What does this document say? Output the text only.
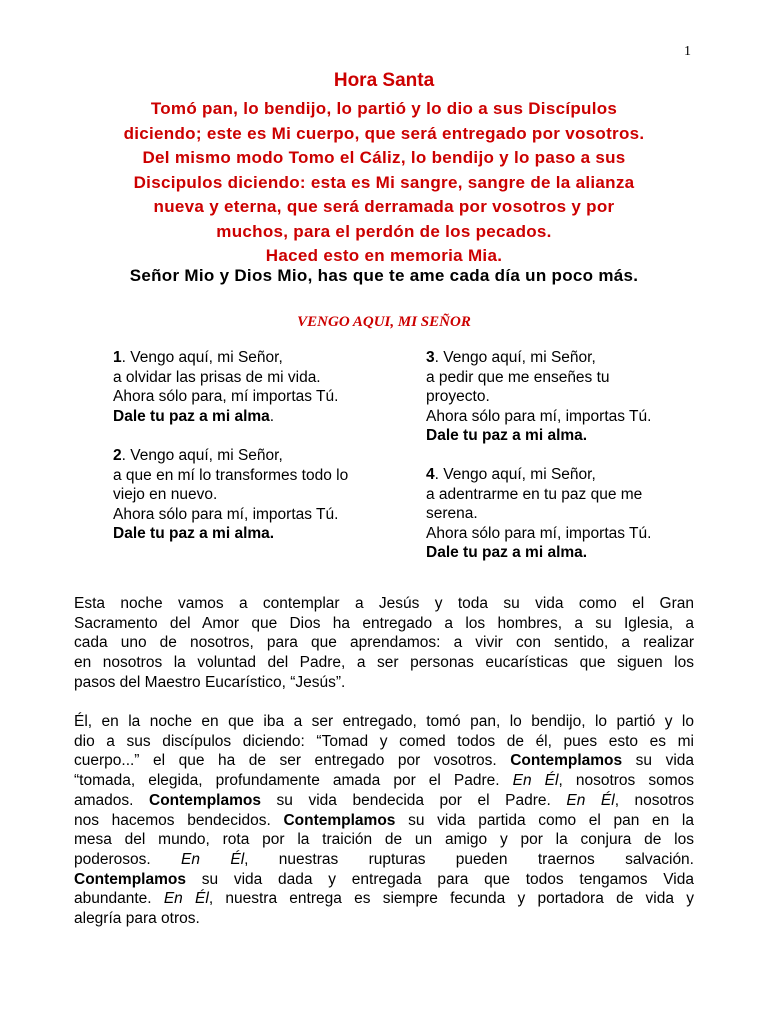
1
Hora Santa
Tomó pan, lo bendijo, lo partió y lo dio a sus Discípulos
diciendo; este es Mi cuerpo, que será entregado por vosotros.
Del mismo modo Tomo el Cáliz, lo bendijo y lo paso a sus
Discipulos diciendo: esta es Mi sangre, sangre de la alianza
nueva y eterna, que será derramada por vosotros y por
muchos, para el perdón de los pecados.
Haced esto en memoria Mia.
Señor Mio y Dios Mio, has que te ame cada día un poco más.
VENGO AQUI, MI SEÑOR
1. Vengo aquí, mi Señor,
a olvidar las prisas de mi vida.
Ahora sólo para, mí importas Tú.
Dale tu paz a mi alma.
2. Vengo aquí, mi Señor,
a que en mí lo transformes todo lo
viejo en nuevo.
Ahora sólo para mí, importas Tú.
Dale tu paz a mi alma.
3. Vengo aquí, mi Señor,
a pedir que me enseñes tu
proyecto.
Ahora sólo para mí, importas Tú.
Dale tu paz a mi alma.
4. Vengo aquí, mi Señor,
a adentrarme en tu paz que me
serena.
Ahora sólo para mí, importas Tú.
Dale tu paz a mi alma.
Esta noche vamos a contemplar a Jesús y toda su vida como el Gran
Sacramento del Amor que Dios ha entregado a los hombres, a su Iglesia, a
cada uno de nosotros, para que aprendamos: a vivir con sentido, a realizar
en nosotros la voluntad del Padre, a ser personas eucarísticas que siguen los
pasos del Maestro Eucarístico, “Jesús”.
Él, en la noche en que iba a ser entregado, tomó pan, lo bendijo, lo partió y lo
dio a sus discípulos diciendo: “Tomad y comed todos de él, pues esto es mi
cuerpo...” el que ha de ser entregado por vosotros. Contemplamos su vida
“tomada, elegida, profundamente amada por el Padre. En Él, nosotros somos
amados. Contemplamos su vida bendecida por el Padre. En Él, nosotros
nos hacemos bendecidos. Contemplamos su vida partida como el pan en la
mesa del mundo, rota por la traición de un amigo y por la conjura de los
poderosos. En Él, nuestras rupturas pueden traernos salvación.
Contemplamos su vida dada y entregada para que todos tengamos Vida
abundante. En Él, nuestra entrega es siempre fecunda y portadora de vida y
alegría para otros.
